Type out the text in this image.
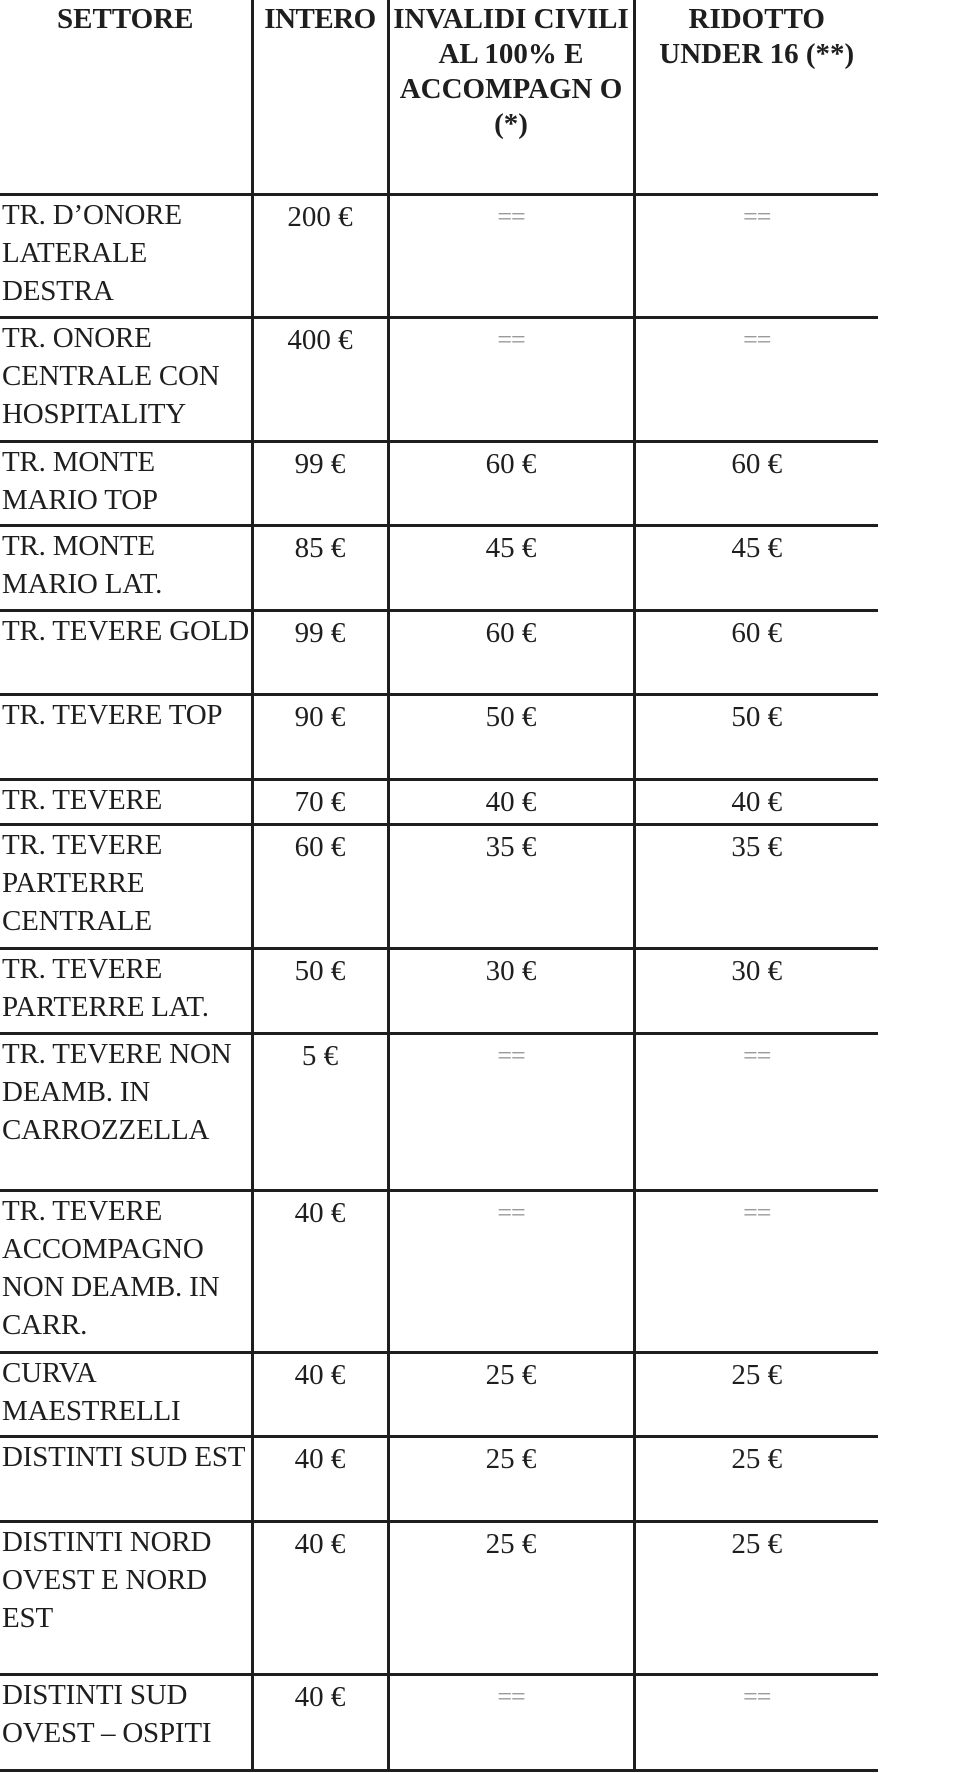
SETTORE	INTERO	INVALIDI CIVILI AL 100% E ACCOMPAGN O (*)	RIDOTTO UNDER 16 (**)
TR. D’ONORE LATERALE DESTRA	200 €	==	==
TR. ONORE CENTRALE CON HOSPITALITY	400 €	==	==
TR. MONTE MARIO TOP	99 €	60 €	60 €
TR. MONTE MARIO LAT.	85 €	45 €	45 €
TR. TEVERE GOLD	99 €	60 €	60 €
TR. TEVERE TOP	90 €	50 €	50 €
TR. TEVERE	70 €	40 €	40 €
TR. TEVERE PARTERRE CENTRALE	60 €	35 €	35 €
TR. TEVERE PARTERRE LAT.	50 €	30 €	30 €
TR. TEVERE NON DEAMB. IN CARROZZELLA	5 €	==	==
TR. TEVERE ACCOMPAGNO NON DEAMB. IN CARR.	40 €	==	==
CURVA MAESTRELLI	40 €	25 €	25 €
DISTINTI SUD EST	40 €	25 €	25 €
DISTINTI NORD OVEST E NORD EST	40 €	25 €	25 €
DISTINTI SUD OVEST – OSPITI	40 €	==	==
